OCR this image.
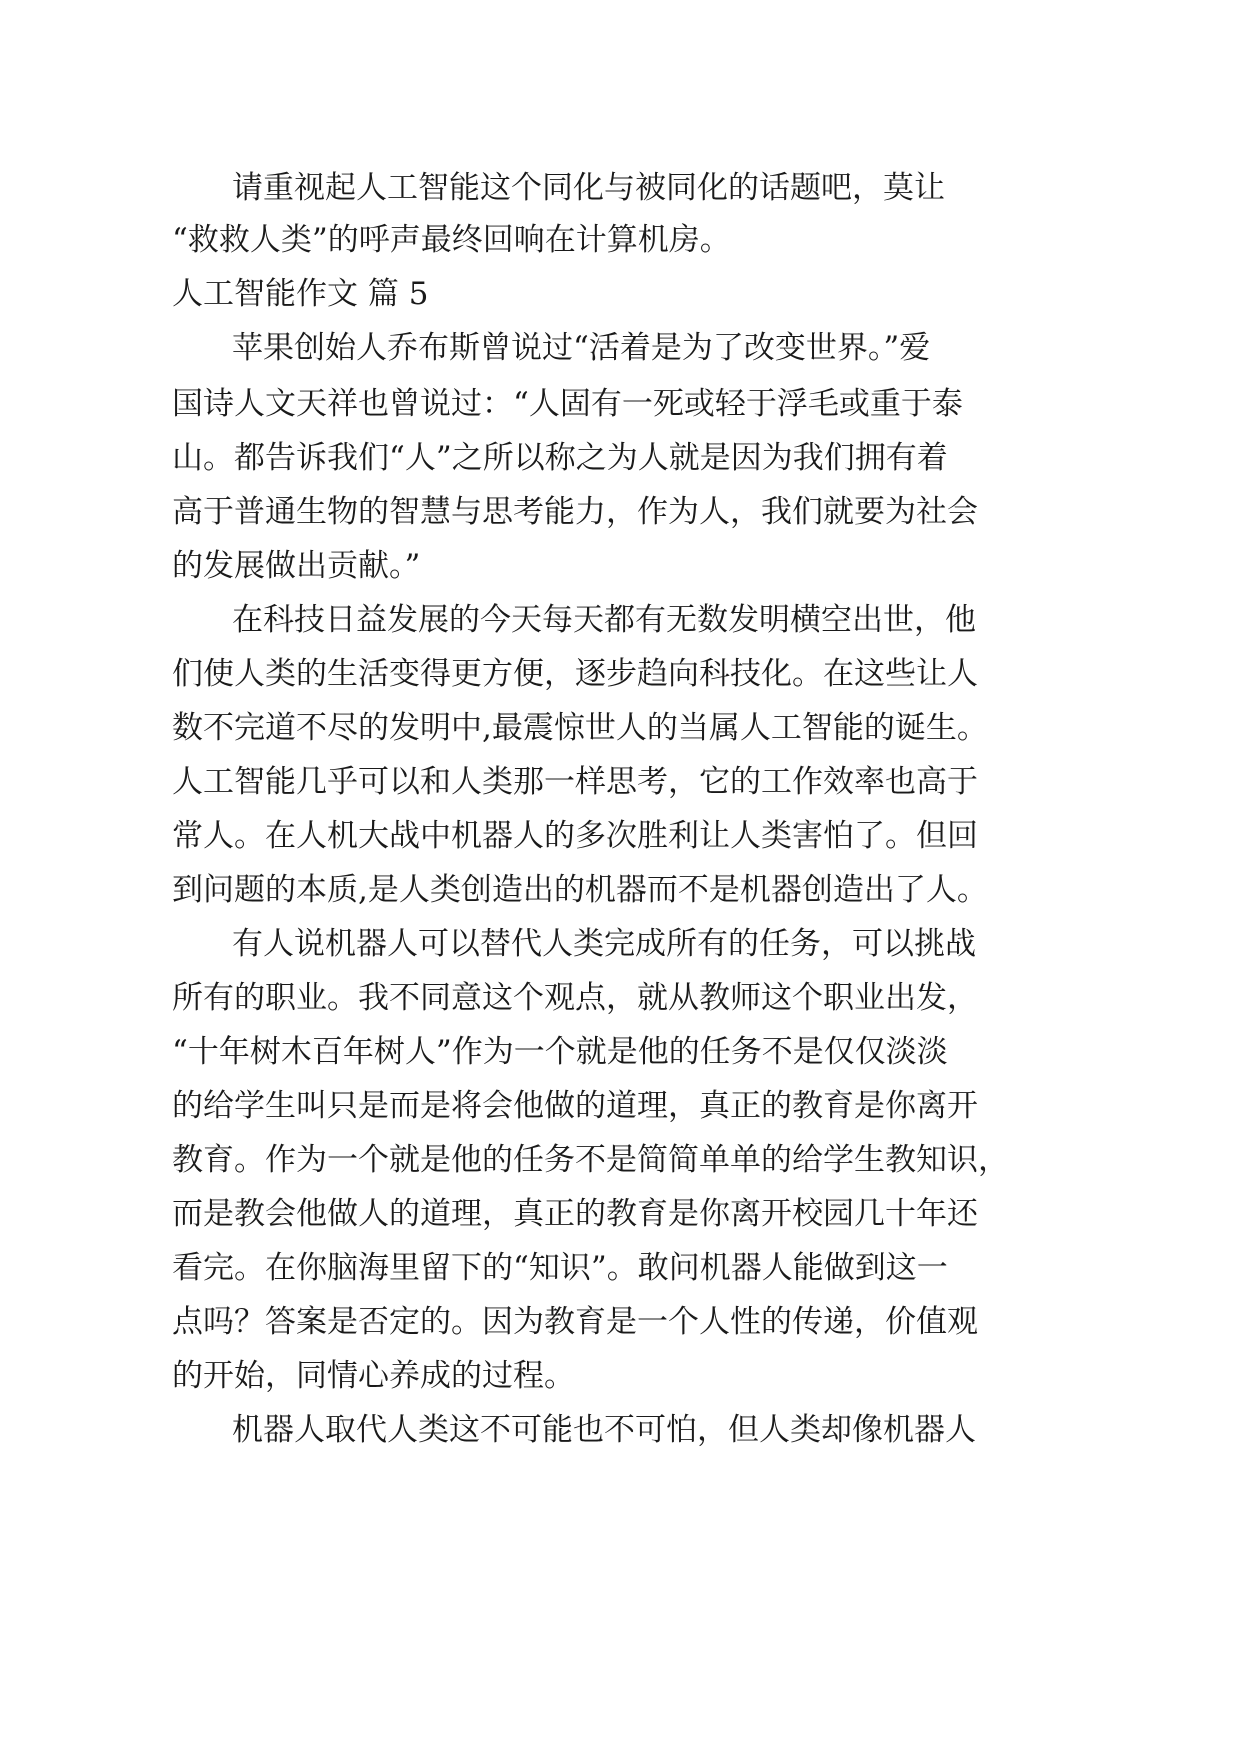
请重视起人工智能这个同化与被同化的话题吧，莫让
“救救人类”的呼声最终回响在计算机房。
人工智能作文 篇 5
苹果创始人乔布斯曾说过“活着是为了改变世界。”爱
国诗人文天祥也曾说过：“人固有一死或轻于浮毛或重于泰
山。都告诉我们“人”之所以称之为人就是因为我们拥有着
高于普通生物的智慧与思考能力，作为人，我们就要为社会
的发展做出贡献。”
在科技日益发展的今天每天都有无数发明横空出世，他
们使人类的生活变得更方便，逐步趋向科技化。在这些让人
数不完道不尽的发明中,最震惊世人的当属人工智能的诞生。
人工智能几乎可以和人类那一样思考，它的工作效率也高于
常人。在人机大战中机器人的多次胜利让人类害怕了。但回
到问题的本质,是人类创造出的机器而不是机器创造出了人。
有人说机器人可以替代人类完成所有的任务，可以挑战
所有的职业。我不同意这个观点，就从教师这个职业出发，
“十年树木百年树人”作为一个就是他的任务不是仅仅淡淡
的给学生叫只是而是将会他做的道理，真正的教育是你离开
教育。作为一个就是他的任务不是简简单单的给学生教知识，
而是教会他做人的道理，真正的教育是你离开校园几十年还
看完。在你脑海里留下的“知识”。敢问机器人能做到这一
点吗？答案是否定的。因为教育是一个人性的传递，价值观
的开始，同情心养成的过程。
机器人取代人类这不可能也不可怕，但人类却像机器人
